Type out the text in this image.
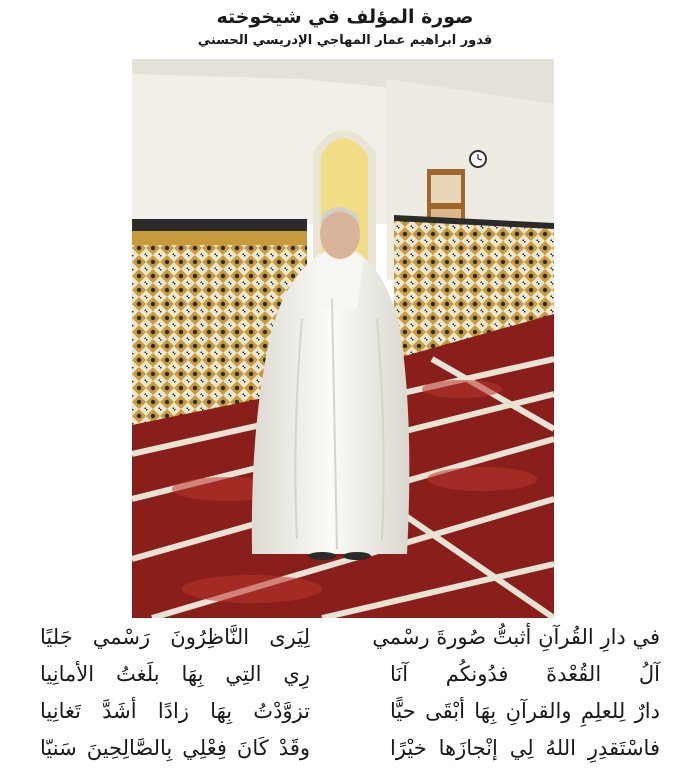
صورة المؤلف في شيخوخته
قدور ابراهيم عمار المهاجي الإدريسي الحسني
في دارِ القُرآنِ أثبتُّ صُورةَ رسْمي
لِيَرى النَّاظِرُونَ رَسْمي جَليًا
آلُ القُعْدةَ فدُونكُم آنَا
رِي التِي بِهَا بلَغتُ الأمانِيا
دارٌ لِلعلِمِ والقرآنِ بِهَا أبْقَى حيًّا
تزوَّدْتُ بِهَا زادًا أشَدَّ تَغانِيا
فاسْتَقدِرِ اللهُ لِي إنْجازَها خيْرًا
وقَدْ كَانَ فِعْلِي بِالصَّالِحِينَ سَنيّا
